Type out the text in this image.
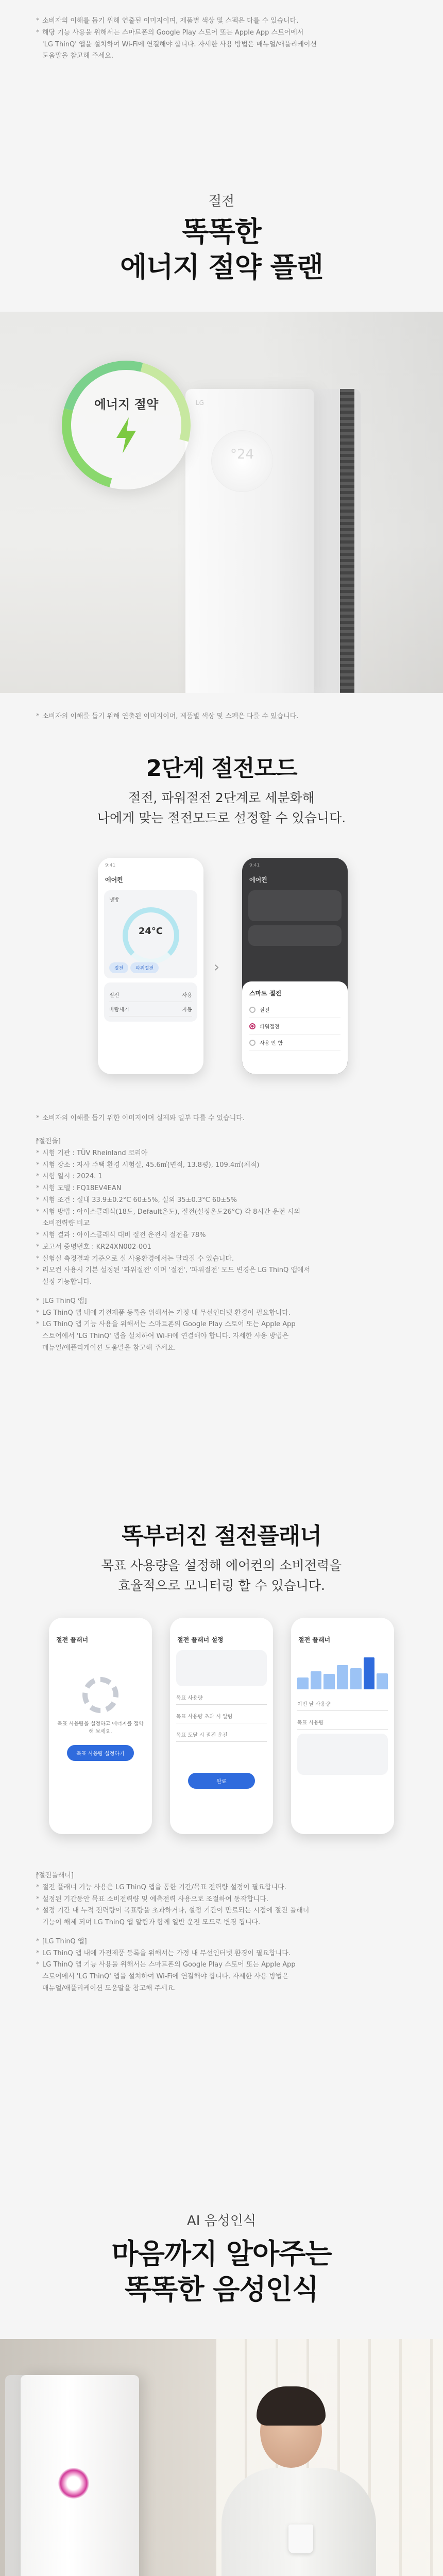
* 소비자의 이해를 돕기 위해 연출된 이미지이며, 제품별 색상 및 스펙은 다를 수 있습니다.
* 해당 기능 사용을 위해서는 스마트폰의 Google Play 스토어 또는 Apple App 스토어에서
'LG ThinQ' 앱을 설치하여 Wi-Fi에 연결해야 합니다. 자세한 사용 방법은 매뉴얼/애플리케이션
도움말을 참고해 주세요.
절전
똑똑한
에너지 절약 플랜
LG
°24
에너지 절약
* 소비자의 이해를 돕기 위해 연출된 이미지이며, 제품별 색상 및 스펙은 다를 수 있습니다.
2단계 절전모드
절전, 파워절전 2단계로 세분화해
나에게 맞는 절전모드로 설정할 수 있습니다.
9:41
에어컨
냉방
24°C
절전	파워절전
절전	사용
바람세기	자동
›
9:41
에어컨
스마트 절전
절전
파워절전
사용 안 함
* 소비자의 이해를 돕기 위한 이미지이며 실제와 일부 다를 수 있습니다.
* [절전율]
* 시험 기관 : TÜV Rheinland 코리아
* 시험 장소 : 자사 주택 환경 시험실, 45.6㎡(면적, 13.8평), 109.4㎥(체적)
* 시험 일시 : 2024. 1
* 시험 모델 : FQ18EV4EAN
* 시험 조건 : 실내 33.9±0.2°C 60±5%, 실외 35±0.3°C 60±5%
* 시험 방법 : 아이스클래식(18도, Default온도), 절전(설정온도26°C) 각 8시간 운전 시의
소비전력량 비교
* 시험 결과 : 아이스클래식 대비 절전 운전시 절전율 78%
* 보고서 증명번호 : KR24XN002-001
* 실험실 측정결과 기준으로 실 사용환경에서는 달라질 수 있습니다.
* 리모컨 사용시 기본 설정된 '파워절전' 이며 '절전', '파워절전' 모드 변경은 LG ThinQ 앱에서
설정 가능합니다.
* [LG ThinQ 앱]
* LG ThinQ 앱 내에 가전제품 등록을 위해서는 가정 내 무선인터넷 환경이 필요합니다.
* LG ThinQ 앱 기능 사용을 위해서는 스마트폰의 Google Play 스토어 또는 Apple App
스토어에서 'LG ThinQ' 앱을 설치하여 Wi-Fi에 연결해야 합니다. 자세한 사용 방법은
매뉴얼/애플리케이션 도움말을 참고해 주세요.
똑부러진 절전플래너
목표 사용량을 설정해 에어컨의 소비전력을
효율적으로 모니터링 할 수 있습니다.
절전 플래너
목표 사용량을 설정하고 에너지를 절약해 보세요.
목표 사용량 설정하기
절전 플래너 설정
목표 사용량
목표 사용량 초과 시 알림
목표 도달 시 절전 운전
완료
절전 플래너
이번 달 사용량
목표 사용량
* [절전플래너]
* 절전 플래너 기능 사용은 LG ThinQ 앱을 통한 기간/목표 전력량 설정이 필요합니다.
* 설정된 기간동안 목표 소비전력량 및 예측전력 사용으로 조절하여 동작합니다.
* 설정 기간 내 누적 전력량이 목표량을 초과하거나, 설정 기간이 만료되는 시점에 절전 플래너
기능이 해제 되며 LG ThinQ 앱 알림과 함께 일반 운전 모드로 변경 됩니다.
* [LG ThinQ 앱]
* LG ThinQ 앱 내에 가전제품 등록을 위해서는 가정 내 무선인터넷 환경이 필요합니다.
* LG ThinQ 앱 기능 사용을 위해서는 스마트폰의 Google Play 스토어 또는 Apple App
스토어에서 'LG ThinQ' 앱을 설치하여 Wi-Fi에 연결해야 합니다. 자세한 사용 방법은
매뉴얼/애플리케이션 도움말을 참고해 주세요.
AI 음성인식
마음까지 알아주는
똑똑한 음성인식
